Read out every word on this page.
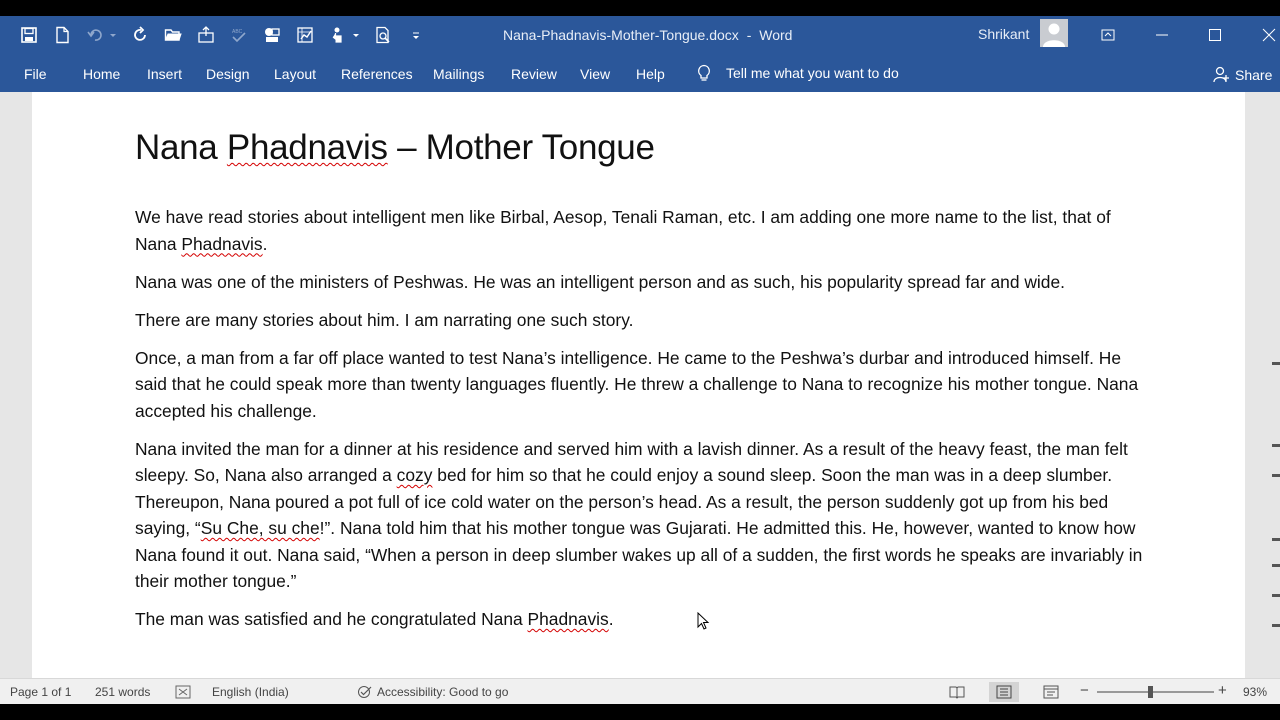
ABC	Nana-Phadnavis-Mother-Tongue.docx - Word	Shrikant
File	Home Insert Design Layout References Mailings Review View Help	Tell me what you want to do	Share
Nana Phadnavis – Mother Tongue

We have read stories about intelligent men like Birbal, Aesop, Tenali Raman, etc. I am adding one more name to the list, that of Nana Phadnavis.

Nana was one of the ministers of Peshwas. He was an intelligent person and as such, his popularity spread far and wide.

There are many stories about him. I am narrating one such story.

Once, a man from a far off place wanted to test Nana’s intelligence. He came to the Peshwa’s durbar and introduced himself. He said that he could speak more than twenty languages fluently. He threw a challenge to Nana to recognize his mother tongue. Nana accepted his challenge.

Nana invited the man for a dinner at his residence and served him with a lavish dinner. As a result of the heavy feast, the man felt sleepy. So, Nana also arranged a cozy bed for him so that he could enjoy a sound sleep. Soon the man was in a deep slumber. Thereupon, Nana poured a pot full of ice cold water on the person’s head. As a result, the person suddenly got up from his bed saying, “Su Che, su che!”. Nana told him that his mother tongue was Gujarati. He admitted this. He, however, wanted to know how Nana found it out. Nana said, “When a person in deep slumber wakes up all of a sudden, the first words he speaks are invariably in their mother tongue.”

The man was satisfied and he congratulated Nana Phadnavis.

Page 1 of 1 251 words	English (India)	Accessibility: Good to go	−	+ 93%
